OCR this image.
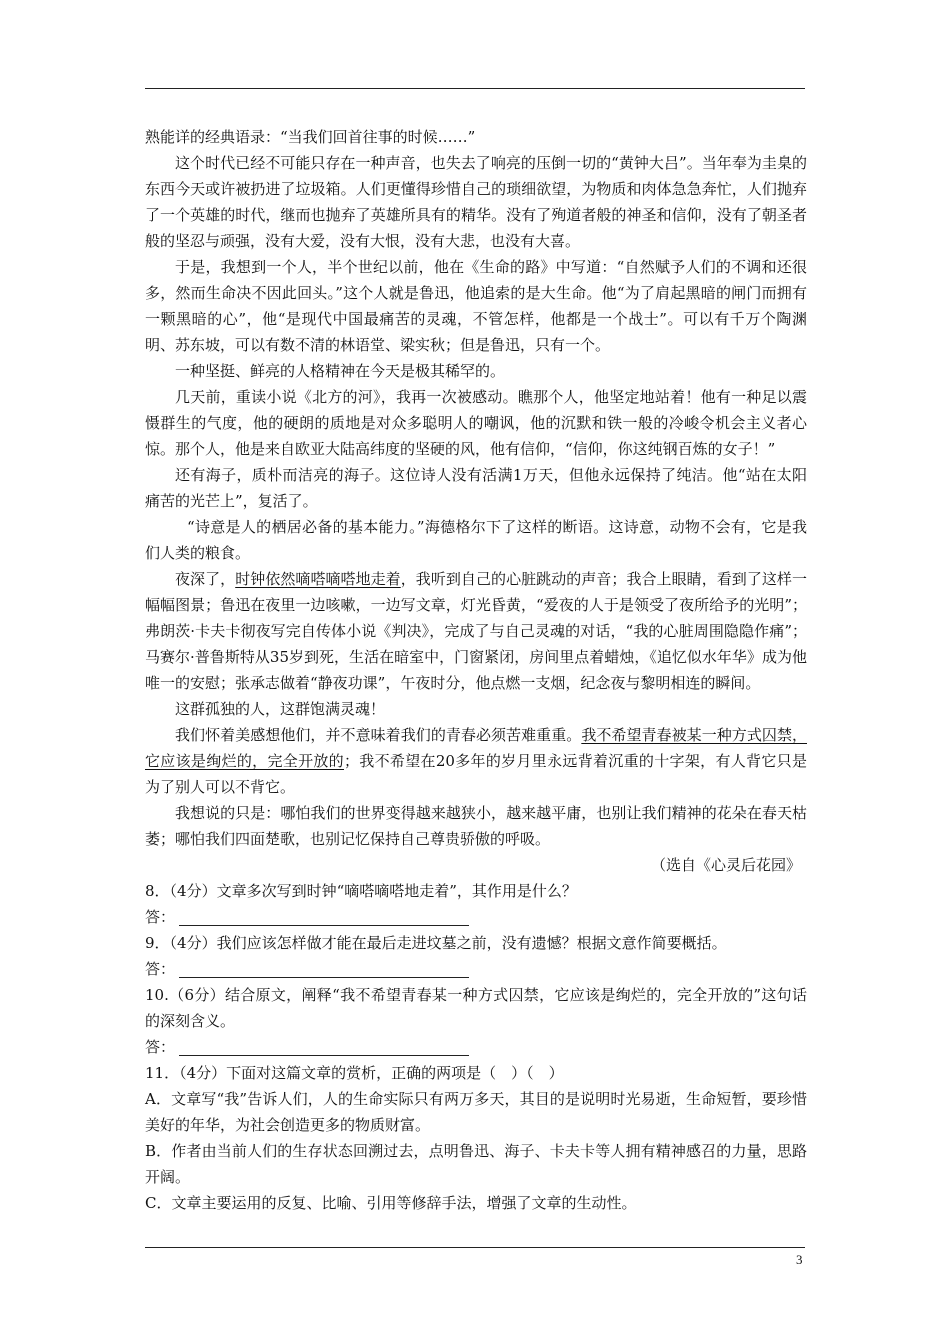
熟能详的经典语录：“当我们回首往事的时候……”

这个时代已经不可能只存在一种声音，也失去了响亮的压倒一切的“黄钟大吕”。当年奉为圭臬的东西今天或许被扔进了垃圾箱。人们更懂得珍惜自己的琐细欲望，为物质和肉体急急奔忙，人们抛弃了一个英雄的时代，继而也抛弃了英雄所具有的精华。没有了殉道者般的神圣和信仰，没有了朝圣者般的坚忍与顽强，没有大爱，没有大恨，没有大悲，也没有大喜。

于是，我想到一个人，半个世纪以前，他在《生命的路》中写道：“自然赋予人们的不调和还很多，然而生命决不因此回头。”这个人就是鲁迅，他追索的是大生命。他“为了肩起黑暗的闸门而拥有一颗黑暗的心”，他“是现代中国最痛苦的灵魂，不管怎样，他都是一个战士”。可以有千万个陶渊明、苏东坡，可以有数不清的林语堂、梁实秋；但是鲁迅，只有一个。

一种坚挺、鲜亮的人格精神在今天是极其稀罕的。

几天前，重读小说《北方的河》，我再一次被感动。瞧那个人，他坚定地站着！他有一种足以震慑群生的气度，他的硬朗的质地是对众多聪明人的嘲讽，他的沉默和铁一般的冷峻令机会主义者心惊。那个人，他是来自欧亚大陆高纬度的坚硬的风，他有信仰，“信仰，你这纯钢百炼的女子！”

还有海子，质朴而洁亮的海子。这位诗人没有活满1万天，但他永远保持了纯洁。他“站在太阳痛苦的光芒上”，复活了。

“诗意是人的栖居必备的基本能力。”海德格尔下了这样的断语。这诗意，动物不会有，它是我们人类的粮食。

夜深了，时钟依然嘀嗒嘀嗒地走着，我听到自己的心脏跳动的声音；我合上眼睛，看到了这样一幅幅图景；鲁迅在夜里一边咳嗽，一边写文章，灯光昏黄，“爱夜的人于是领受了夜所给予的光明”；弗朗茨·卡夫卡彻夜写完自传体小说《判决》，完成了与自己灵魂的对话，“我的心脏周围隐隐作痛”；马赛尔·普鲁斯特从35岁到死，生活在暗室中，门窗紧闭，房间里点着蜡烛，《追忆似水年华》成为他唯一的安慰；张承志做着“静夜功课”，午夜时分，他点燃一支烟，纪念夜与黎明相连的瞬间。

这群孤独的人，这群饱满灵魂！

我们怀着美感想他们，并不意味着我们的青春必须苦难重重。我不希望青春被某一种方式囚禁，它应该是绚烂的，完全开放的；我不希望在20多年的岁月里永远背着沉重的十字架，有人背它只是为了别人可以不背它。

我想说的只是：哪怕我们的世界变得越来越狭小，越来越平庸，也别让我们精神的花朵在春天枯萎；哪怕我们四面楚歌，也别记忆保持自己尊贵骄傲的呼吸。

（选自《心灵后花园》

8．（4分）文章多次写到时钟“嘀嗒嘀嗒地走着”，其作用是什么？

答：

9．（4分）我们应该怎样做才能在最后走进坟墓之前，没有遗憾？根据文意作简要概括。

答：

10.（6分）结合原文，阐释“我不希望青春某一种方式囚禁，它应该是绚烂的，完全开放的”这句话的深刻含义。

答：

11．（4分）下面对这篇文章的赏析，正确的两项是（　）（　）

A．文章写“我”告诉人们，人的生命实际只有两万多天，其目的是说明时光易逝，生命短暂，要珍惜美好的年华，为社会创造更多的物质财富。

B．作者由当前人们的生存状态回溯过去，点明鲁迅、海子、卡夫卡等人拥有精神感召的力量，思路开阔。

C．文章主要运用的反复、比喻、引用等修辞手法，增强了文章的生动性。

3
